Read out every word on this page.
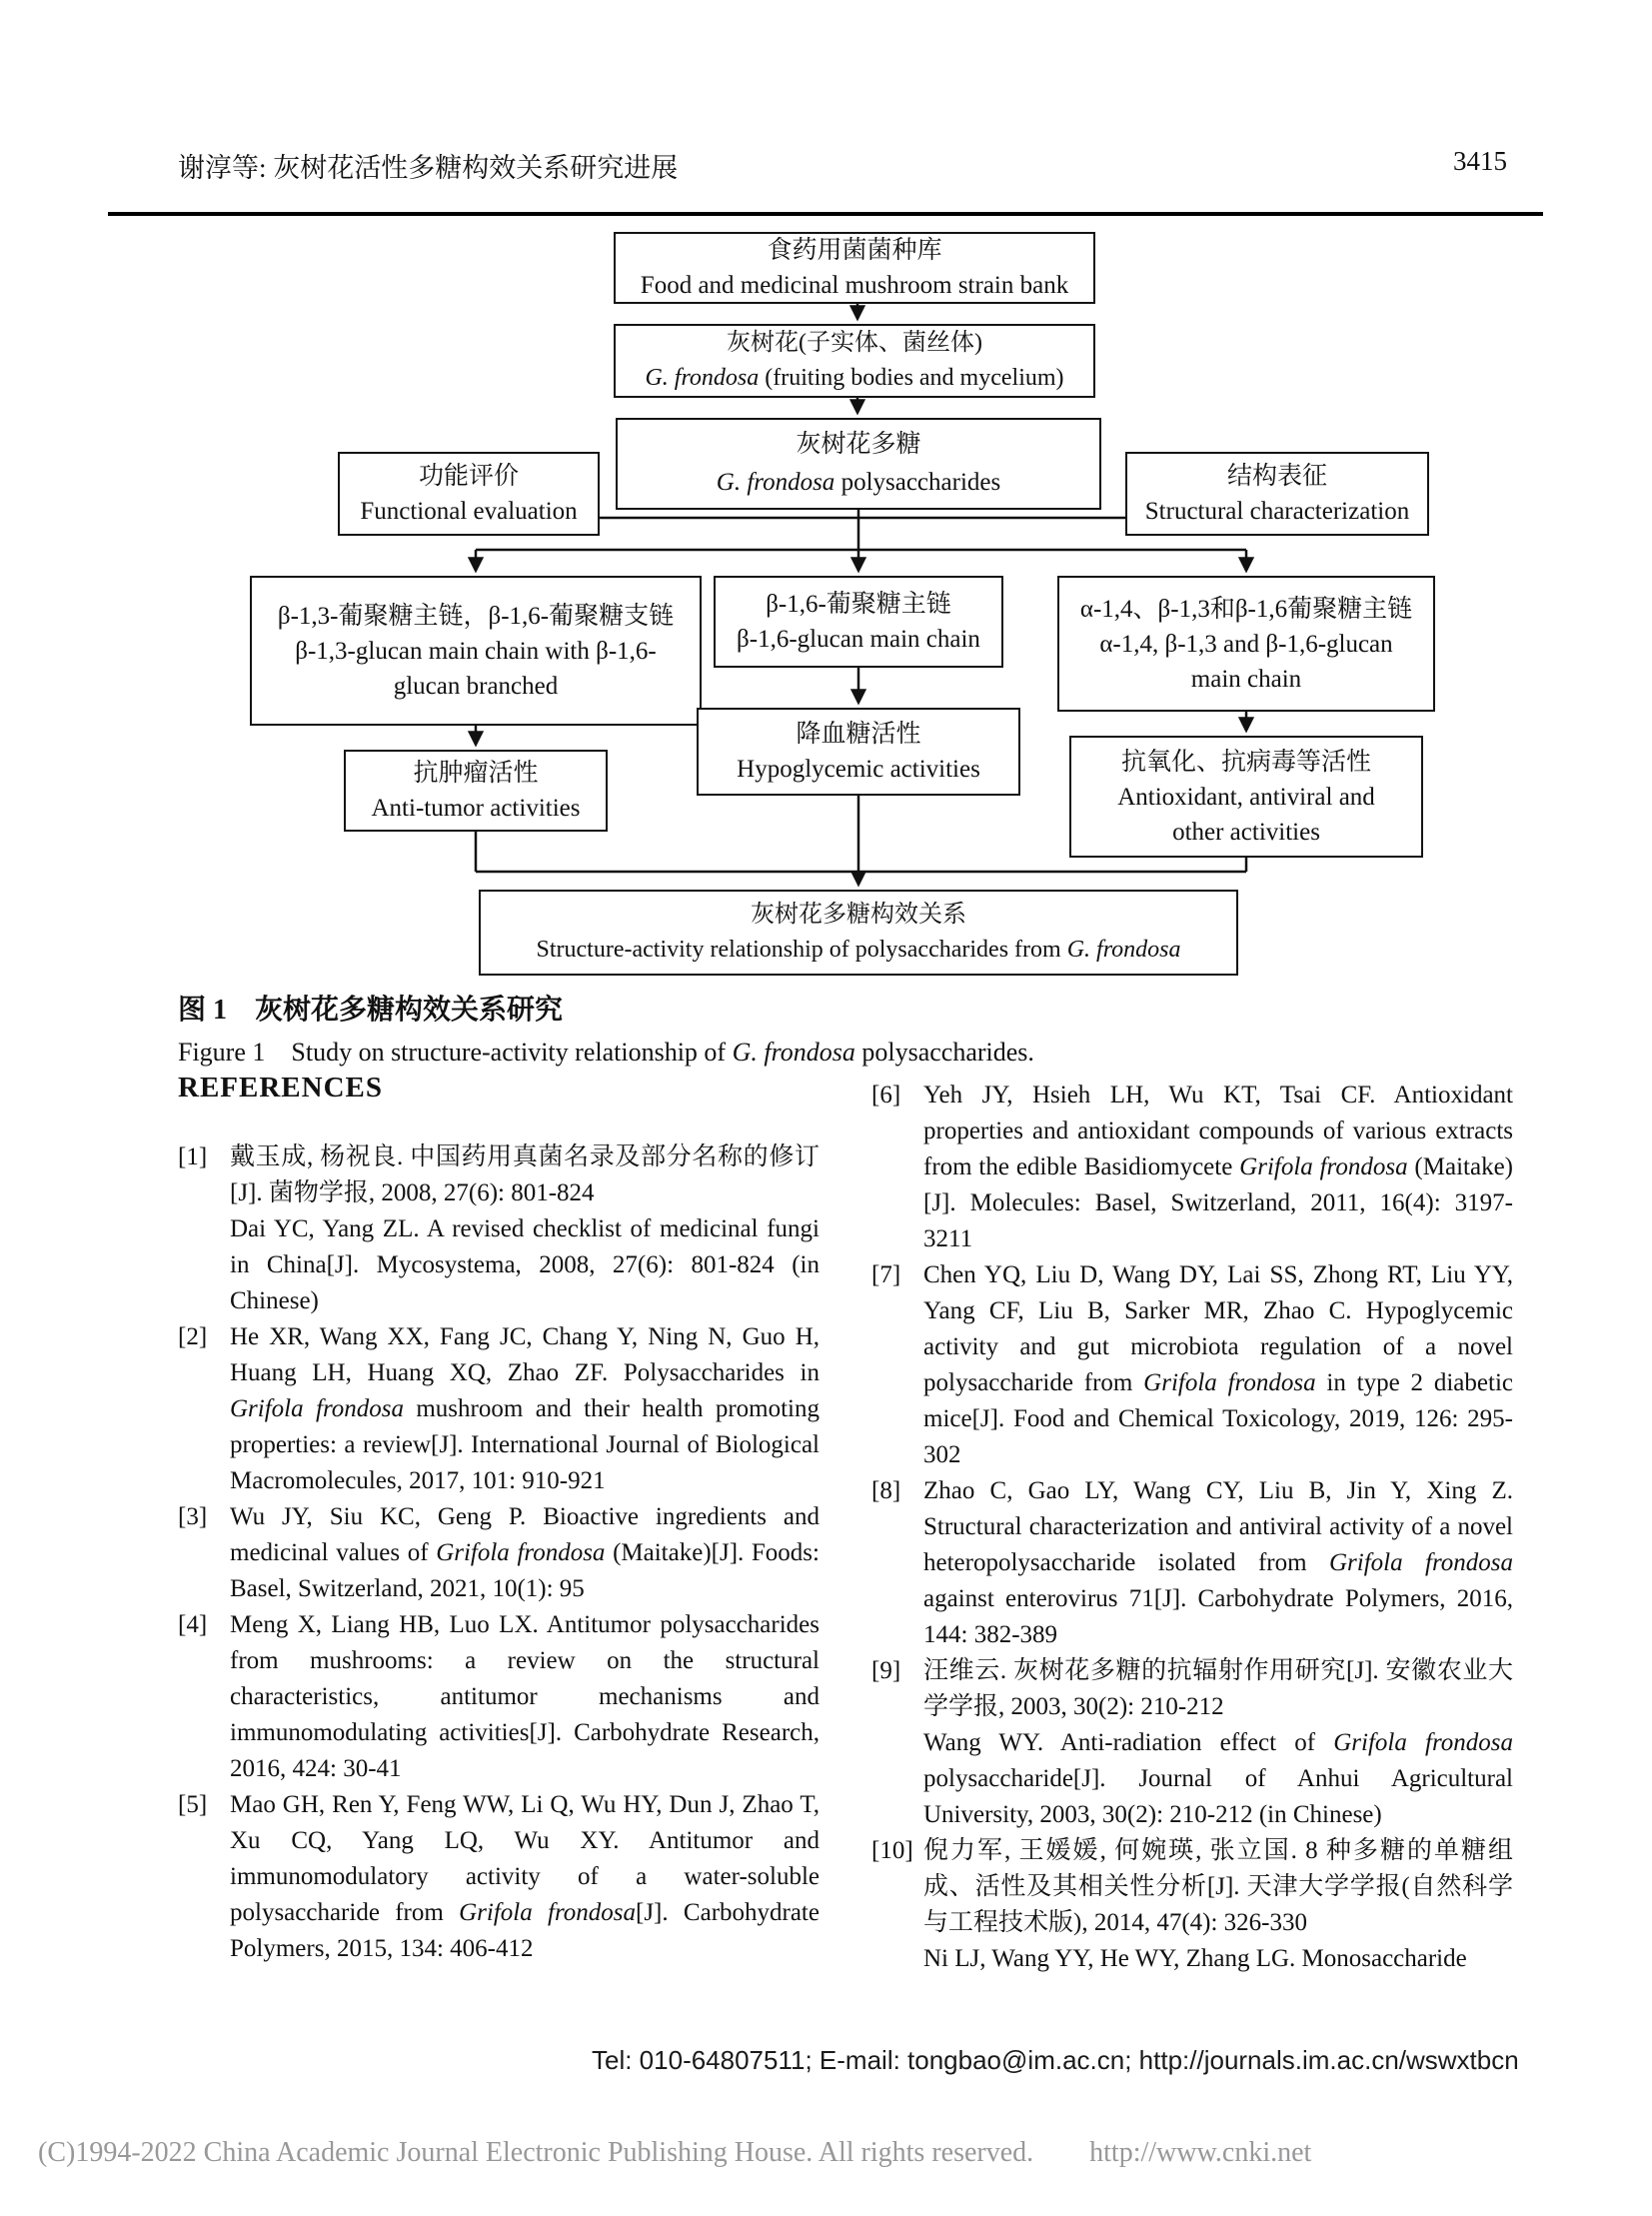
谢淳等: 灰树花活性多糖构效关系研究进展	3415
食药用菌菌种库
Food and medicinal mushroom strain bank
灰树花(子实体、菌丝体)
G. frondosa (fruiting bodies and mycelium)
灰树花多糖
G. frondosa polysaccharides
功能评价
Functional evaluation
结构表征
Structural characterization
β-1,3-葡聚糖主链，β-1,6-葡聚糖支链
β-1,3-glucan main chain with β-1,6-
glucan branched
β-1,6-葡聚糖主链
β-1,6-glucan main chain
α-1,4、β-1,3和β-1,6葡聚糖主链
α-1,4, β-1,3 and β-1,6-glucan
main chain
抗肿瘤活性
Anti-tumor activities
降血糖活性
Hypoglycemic activities	抗氧化、抗病毒等活性
Antioxidant, antiviral and
other activities
灰树花多糖构效关系
Structure-activity relationship of polysaccharides from G. frondosa
图 1　灰树花多糖构效关系研究
Figure 1　Study on structure-activity relationship of G. frondosa polysaccharides.
REFERENCES
[1] 戴玉成, 杨祝良. 中国药用真菌名录及部分名称的修订[J]. 菌物学报, 2008, 27(6): 801-824
Dai YC, Yang ZL. A revised checklist of medicinal fungi in China[J]. Mycosystema, 2008, 27(6): 801-824 (in Chinese)
[2] He XR, Wang XX, Fang JC, Chang Y, Ning N, Guo H, Huang LH, Huang XQ, Zhao ZF. Polysaccharides in Grifola frondosa mushroom and their health promoting properties: a review[J]. International Journal of Biological Macromolecules, 2017, 101: 910-921
[3] Wu JY, Siu KC, Geng P. Bioactive ingredients and medicinal values of Grifola frondosa (Maitake)[J]. Foods: Basel, Switzerland, 2021, 10(1): 95
[4] Meng X, Liang HB, Luo LX. Antitumor polysaccharides from mushrooms: a review on the structural characteristics, antitumor mechanisms and immunomodulating activities[J]. Carbohydrate Research, 2016, 424: 30-41
[5] Mao GH, Ren Y, Feng WW, Li Q, Wu HY, Dun J, Zhao T, Xu CQ, Yang LQ, Wu XY. Antitumor and immunomodulatory activity of a water-soluble polysaccharide from Grifola frondosa[J]. Carbohydrate Polymers, 2015, 134: 406-412
[6] Yeh JY, Hsieh LH, Wu KT, Tsai CF. Antioxidant properties and antioxidant compounds of various extracts from the edible Basidiomycete Grifola frondosa (Maitake)[J]. Molecules: Basel, Switzerland, 2011, 16(4): 3197-3211
[7] Chen YQ, Liu D, Wang DY, Lai SS, Zhong RT, Liu YY, Yang CF, Liu B, Sarker MR, Zhao C. Hypoglycemic activity and gut microbiota regulation of a novel polysaccharide from Grifola frondosa in type 2 diabetic mice[J]. Food and Chemical Toxicology, 2019, 126: 295-302
[8] Zhao C, Gao LY, Wang CY, Liu B, Jin Y, Xing Z. Structural characterization and antiviral activity of a novel heteropolysaccharide isolated from Grifola frondosa against enterovirus 71[J]. Carbohydrate Polymers, 2016, 144: 382-389
[9] 汪维云. 灰树花多糖的抗辐射作用研究[J]. 安徽农业大学学报, 2003, 30(2): 210-212
Wang WY. Anti-radiation effect of Grifola frondosa polysaccharide[J]. Journal of Anhui Agricultural University, 2003, 30(2): 210-212 (in Chinese)
[10] 倪力军, 王媛媛, 何婉瑛, 张立国. 8 种多糖的单糖组成、活性及其相关性分析[J]. 天津大学学报(自然科学与工程技术版), 2014, 47(4): 326-330
Ni LJ, Wang YY, He WY, Zhang LG. Monosaccharide
Tel: 010-64807511; E-mail: tongbao@im.ac.cn; http://journals.im.ac.cn/wswxtbcn
(C)1994-2022 China Academic Journal Electronic Publishing House. All rights reserved. http://www.cnki.net
